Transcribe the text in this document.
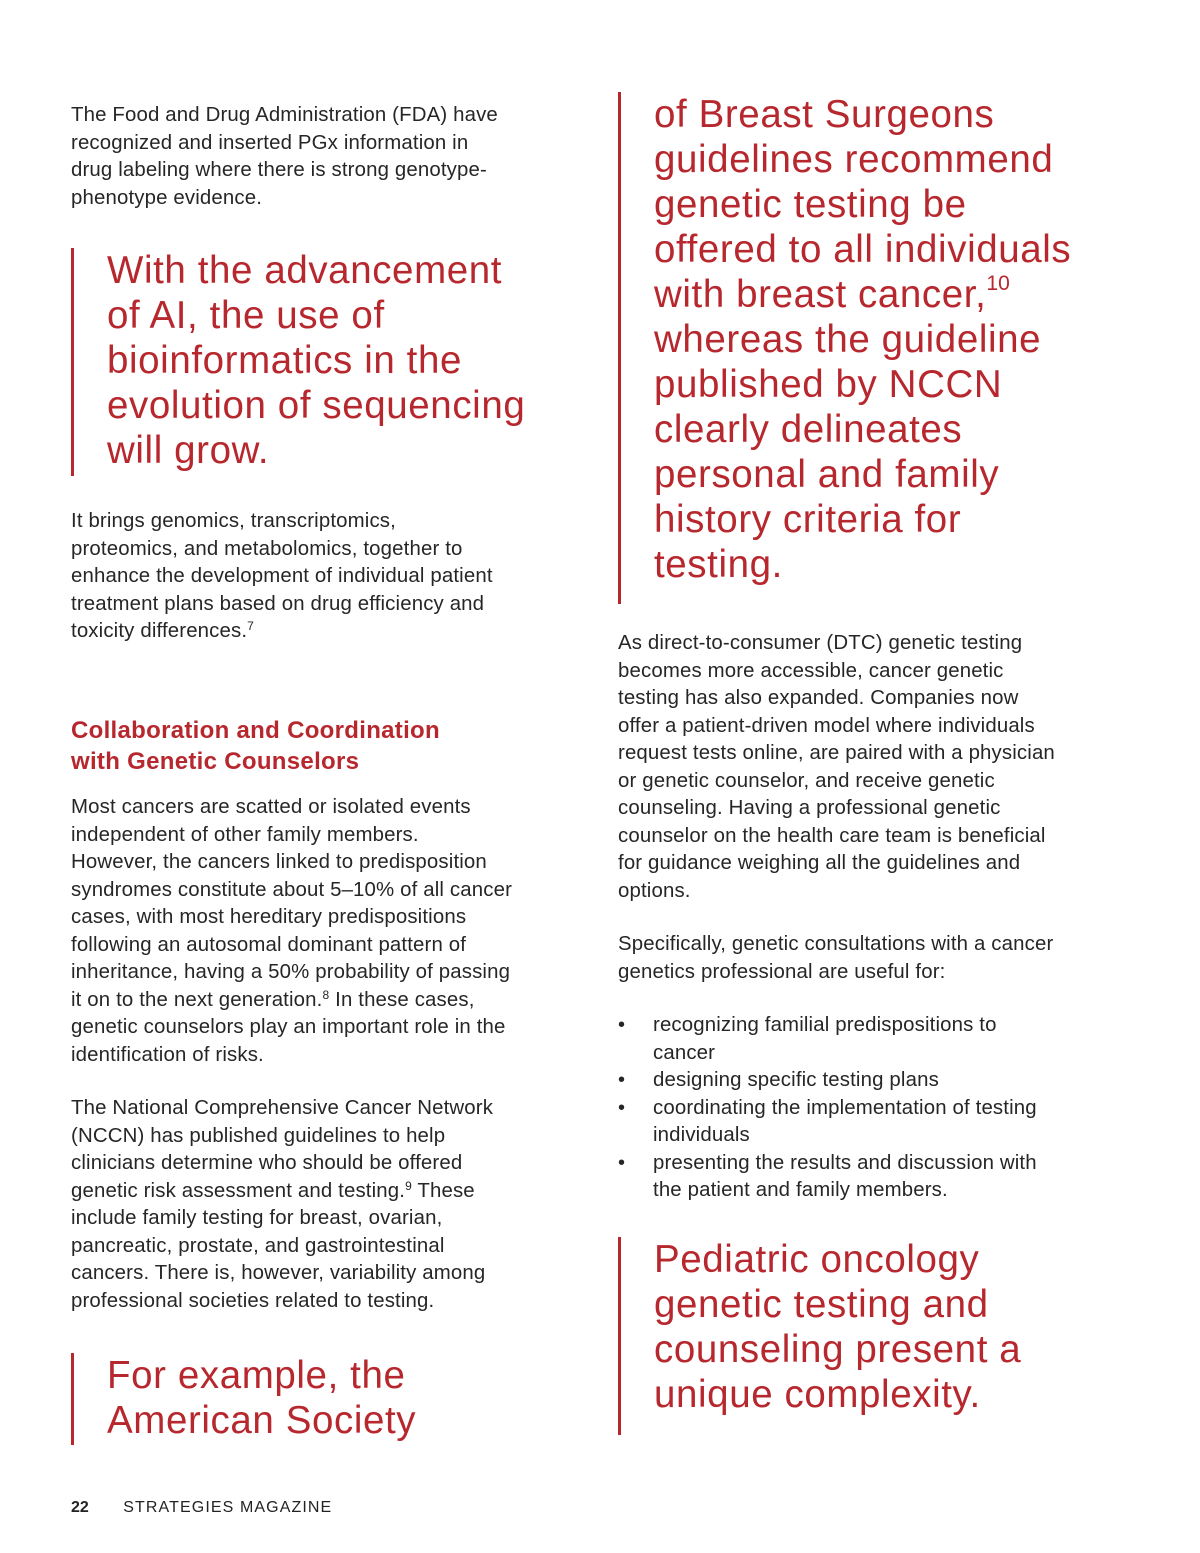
The Food and Drug Administration (FDA) have
recognized and inserted PGx information in
drug labeling where there is strong genotype-
phenotype evidence.

With the advancement
of AI, the use of
bioinformatics in the
evolution of sequencing
will grow.

It brings genomics, transcriptomics,
proteomics, and metabolomics, together to
enhance the development of individual patient
treatment plans based on drug efficiency and
toxicity differences.$^7$

Collaboration and Coordination
with Genetic Counselors

Most cancers are scatted or isolated events
independent of other family members.
However, the cancers linked to predisposition
syndromes constitute about 5–10% of all cancer
cases, with most hereditary predispositions
following an autosomal dominant pattern of
inheritance, having a 50% probability of passing
it on to the next generation.$^8$ In these cases,
genetic counselors play an important role in the
identification of risks.

The National Comprehensive Cancer Network
(NCCN) has published guidelines to help
clinicians determine who should be offered
genetic risk assessment and testing.$^9$ These
include family testing for breast, ovarian,
pancreatic, prostate, and gastrointestinal
cancers. There is, however, variability among
professional societies related to testing.

For example, the
American Society
of Breast Surgeons
guidelines recommend
genetic testing be
offered to all individuals
with breast cancer,$^{10}$
whereas the guideline
published by NCCN
clearly delineates
personal and family
history criteria for
testing.

As direct-to-consumer (DTC) genetic testing
becomes more accessible, cancer genetic
testing has also expanded. Companies now
offer a patient-driven model where individuals
request tests online, are paired with a physician
or genetic counselor, and receive genetic
counseling. Having a professional genetic
counselor on the health care team is beneficial
for guidance weighing all the guidelines and
options.

Specifically, genetic consultations with a cancer
genetics professional are useful for:

• recognizing familial predispositions to
cancer
• designing specific testing plans
• coordinating the implementation of testing
individuals
• presenting the results and discussion with
the patient and family members.
Pediatric oncology
genetic testing and
counseling present a
unique complexity.
22 STRATEGIES MAGAZINE
